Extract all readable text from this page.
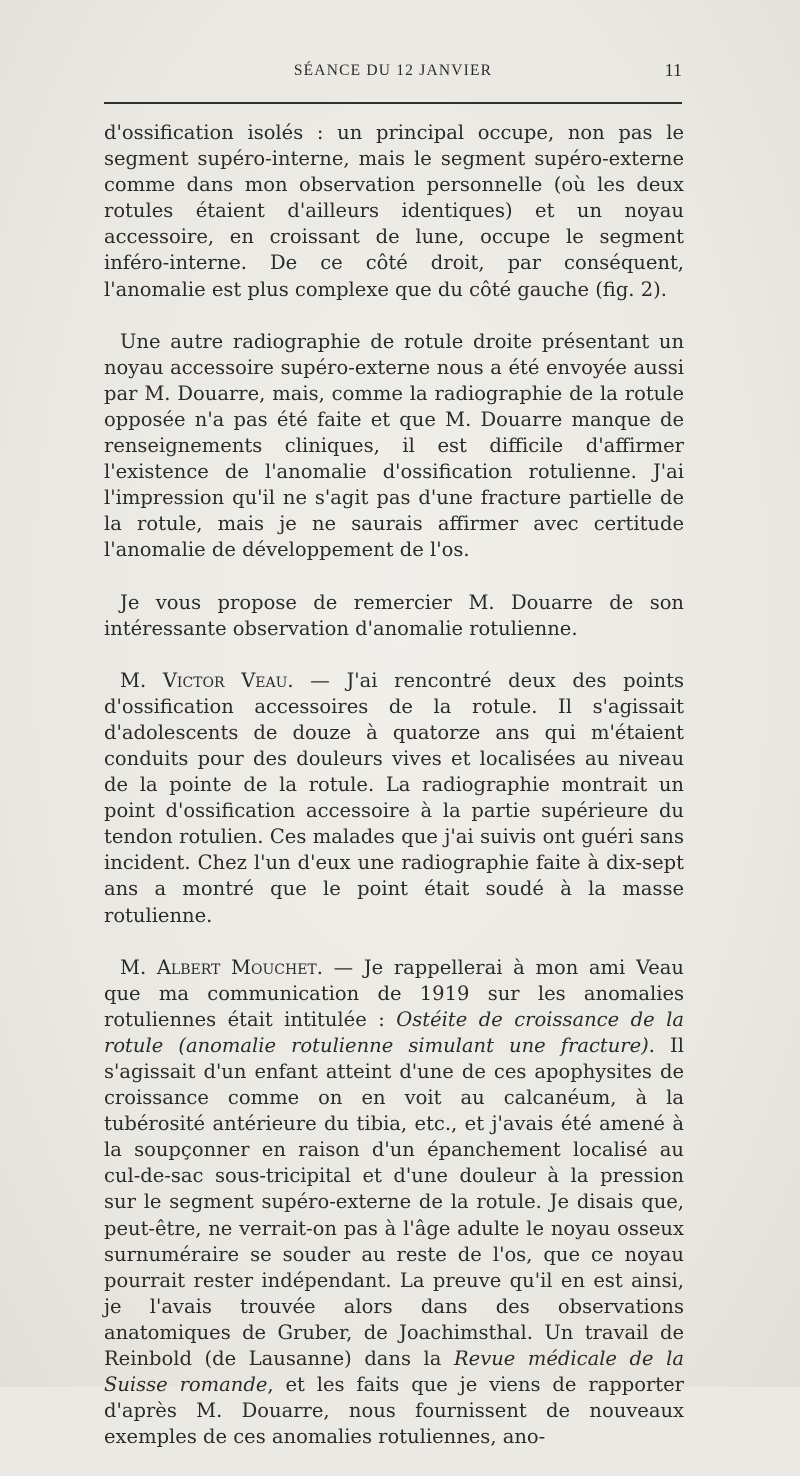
SÉANCE DU 12 JANVIER	11

d'ossification isolés : un principal occupe, non pas le segment supéro-interne, mais le segment supéro-externe comme dans mon observation personnelle (où les deux rotules étaient d'ailleurs identiques) et un noyau accessoire, en croissant de lune, occupe le segment inféro-interne. De ce côté droit, par conséquent, l'anomalie est plus complexe que du côté gauche (fig. 2).

Une autre radiographie de rotule droite présentant un noyau accessoire supéro-externe nous a été envoyée aussi par M. Douarre, mais, comme la radiographie de la rotule opposée n'a pas été faite et que M. Douarre manque de renseignements cliniques, il est difficile d'affirmer l'existence de l'anomalie d'ossification rotulienne. J'ai l'impression qu'il ne s'agit pas d'une fracture partielle de la rotule, mais je ne saurais affirmer avec certitude l'anomalie de développement de l'os.

Je vous propose de remercier M. Douarre de son intéressante observation d'anomalie rotulienne.

M. Victor Veau. — J'ai rencontré deux des points d'ossification accessoires de la rotule. Il s'agissait d'adolescents de douze à quatorze ans qui m'étaient conduits pour des douleurs vives et localisées au niveau de la pointe de la rotule. La radiographie montrait un point d'ossification accessoire à la partie supérieure du tendon rotulien. Ces malades que j'ai suivis ont guéri sans incident. Chez l'un d'eux une radiographie faite à dix-sept ans a montré que le point était soudé à la masse rotulienne.

M. Albert Mouchet. — Je rappellerai à mon ami Veau que ma communication de 1919 sur les anomalies rotuliennes était intitulée : Ostéite de croissance de la rotule (anomalie rotulienne simulant une fracture). Il s'agissait d'un enfant atteint d'une de ces apophysites de croissance comme on en voit au calcanéum, à la tubérosité antérieure du tibia, etc., et j'avais été amené à la soupçonner en raison d'un épanchement localisé au cul-de-sac sous-tricipital et d'une douleur à la pression sur le segment supéro-externe de la rotule. Je disais que, peut-être, ne verrait-on pas à l'âge adulte le noyau osseux surnuméraire se souder au reste de l'os, que ce noyau pourrait rester indépendant. La preuve qu'il en est ainsi, je l'avais trouvée alors dans des observations anatomiques de Gruber, de Joachimsthal. Un travail de Reinbold (de Lausanne) dans la Revue médicale de la Suisse romande, et les faits que je viens de rapporter d'après M. Douarre, nous fournissent de nouveaux exemples de ces anomalies rotuliennes, ano-
